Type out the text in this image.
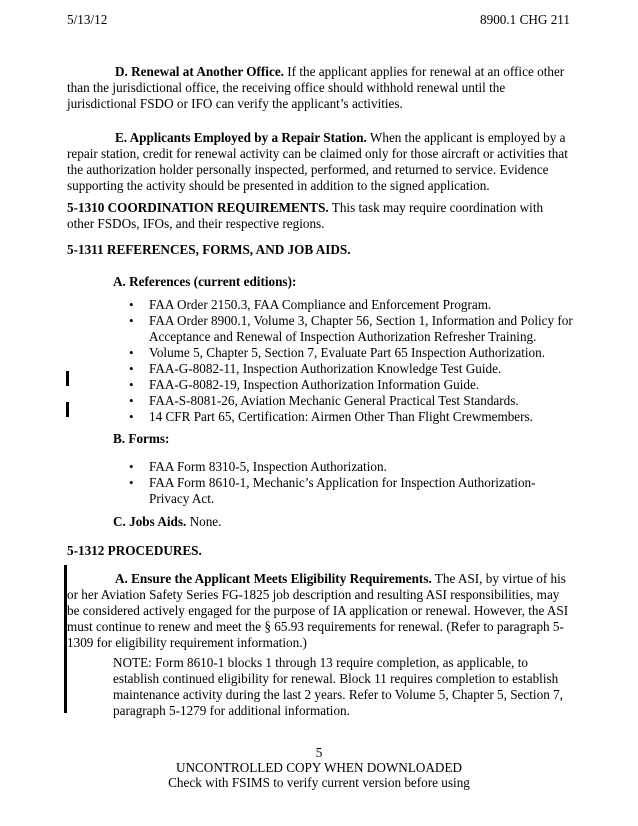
5/13/12	8900.1 CHG 211

D. Renewal at Another Office. If the applicant applies for renewal at an office other than the jurisdictional office, the receiving office should withhold renewal until the jurisdictional FSDO or IFO can verify the applicant’s activities.

E. Applicants Employed by a Repair Station. When the applicant is employed by a repair station, credit for renewal activity can be claimed only for those aircraft or activities that the authorization holder personally inspected, performed, and returned to service. Evidence supporting the activity should be presented in addition to the signed application.

5-1310 COORDINATION REQUIREMENTS. This task may require coordination with other FSDOs, IFOs, and their respective regions.

5-1311 REFERENCES, FORMS, AND JOB AIDS.

A. References (current editions):
• FAA Order 2150.3, FAA Compliance and Enforcement Program.
• FAA Order 8900.1, Volume 3, Chapter 56, Section 1, Information and Policy for Acceptance and Renewal of Inspection Authorization Refresher Training.
• Volume 5, Chapter 5, Section 7, Evaluate Part 65 Inspection Authorization.
• FAA-G-8082-11, Inspection Authorization Knowledge Test Guide.
• FAA-G-8082-19, Inspection Authorization Information Guide.
• FAA-S-8081-26, Aviation Mechanic General Practical Test Standards.
• 14 CFR Part 65, Certification: Airmen Other Than Flight Crewmembers.
B. Forms:
• FAA Form 8310-5, Inspection Authorization.
• FAA Form 8610-1, Mechanic’s Application for Inspection Authorization-Privacy Act.

C. Jobs Aids. None.

5-1312 PROCEDURES.

A. Ensure the Applicant Meets Eligibility Requirements. The ASI, by virtue of his or her Aviation Safety Series FG-1825 job description and resulting ASI responsibilities, may be considered actively engaged for the purpose of IA application or renewal. However, the ASI must continue to renew and meet the § 65.93 requirements for renewal. (Refer to paragraph 5-1309 for eligibility requirement information.)

NOTE: Form 8610-1 blocks 1 through 13 require completion, as applicable, to establish continued eligibility for renewal. Block 11 requires completion to establish maintenance activity during the last 2 years. Refer to Volume 5, Chapter 5, Section 7, paragraph 5-1279 for additional information.

5
UNCONTROLLED COPY WHEN DOWNLOADED
Check with FSIMS to verify current version before using
